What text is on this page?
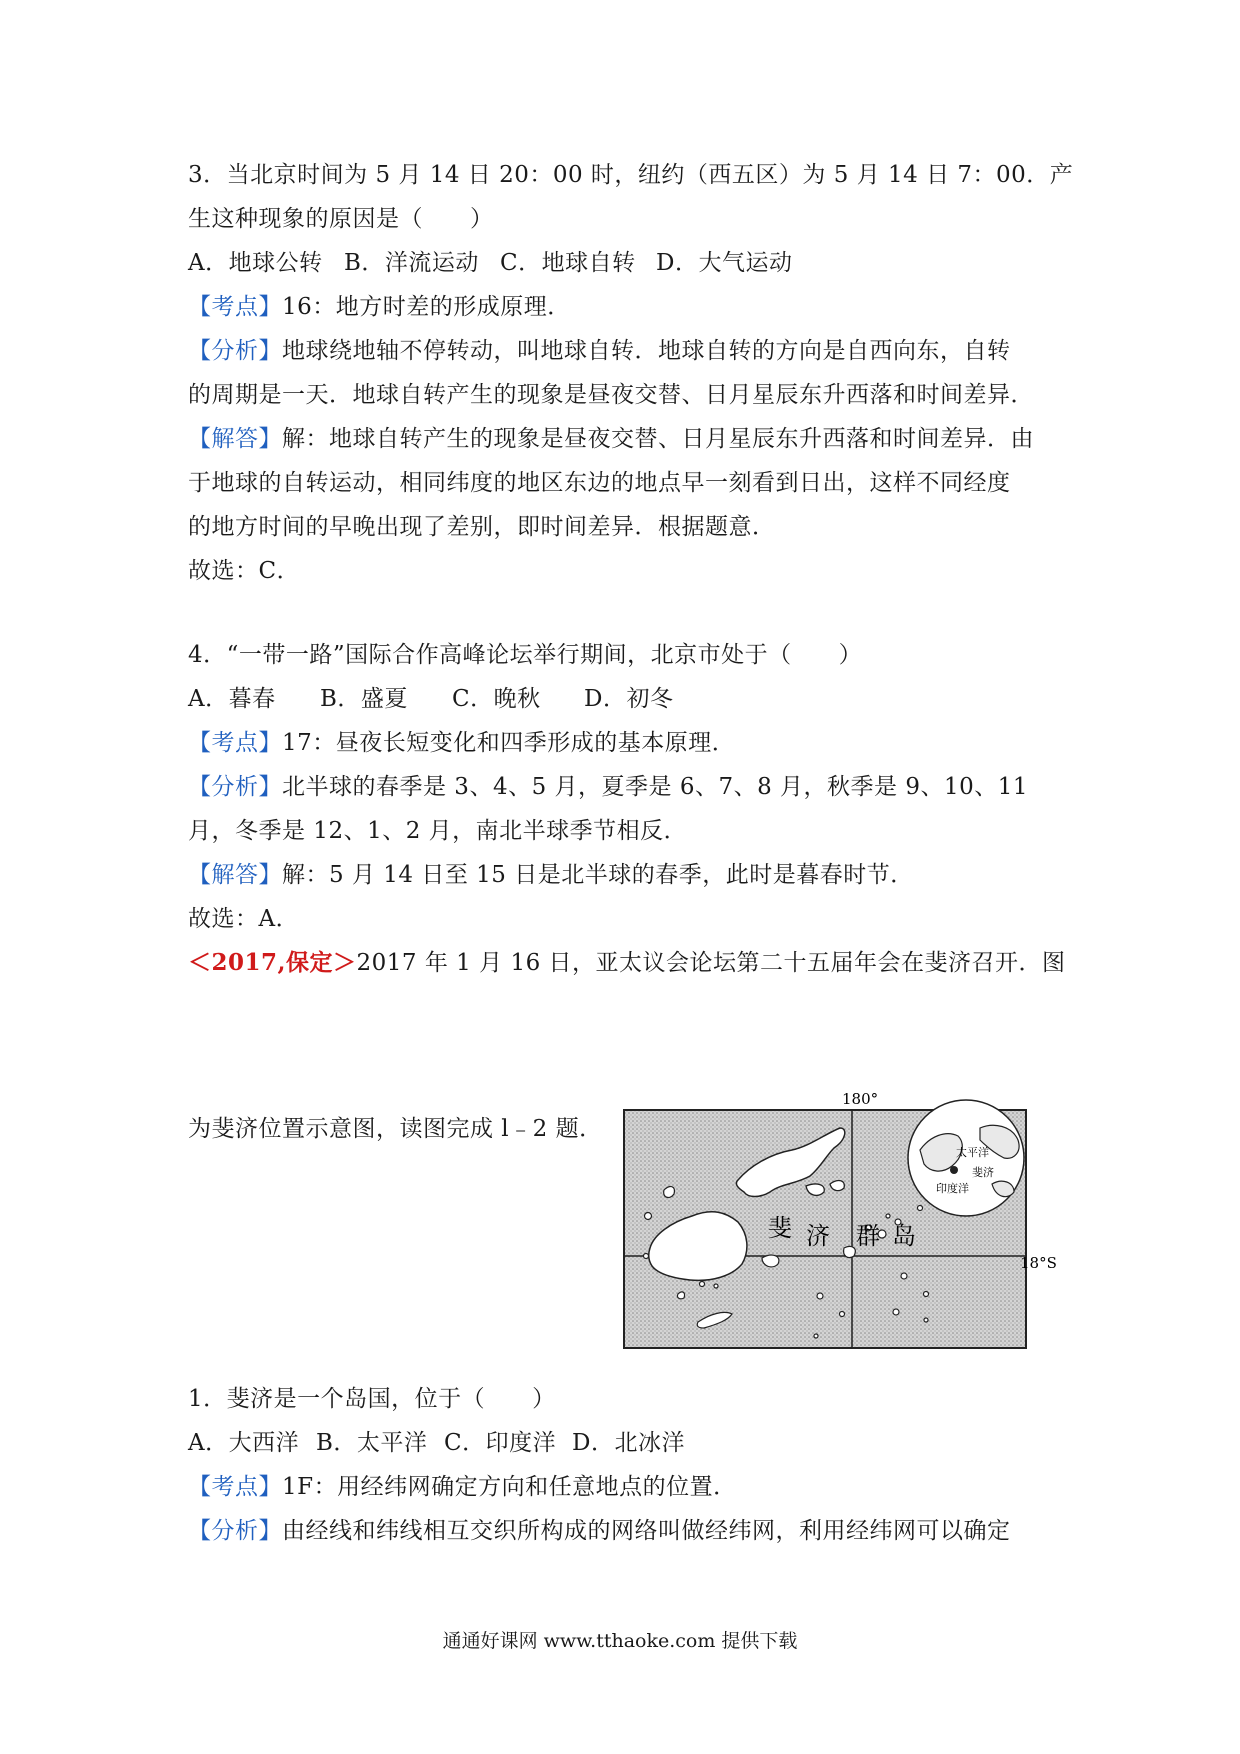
3．当北京时间为 5 月 14 日 20：00 时，纽约（西五区）为 5 月 14 日 7：00．产
生这种现象的原因是（　　）
A．地球公转 B．洋流运动 C．地球自转 D．大气运动
【考点】16：地方时差的形成原理．
【分析】地球绕地轴不停转动，叫地球自转．地球自转的方向是自西向东，自转
的周期是一天．地球自转产生的现象是昼夜交替、日月星辰东升西落和时间差异．
【解答】解：地球自转产生的现象是昼夜交替、日月星辰东升西落和时间差异．由
于地球的自转运动，相同纬度的地区东边的地点早一刻看到日出，这样不同经度
的地方时间的早晚出现了差别，即时间差异．根据题意．
故选：C．
4．“一带一路”国际合作高峰论坛举行期间，北京市处于（　　）
A．暮春 B．盛夏 C．晚秋 D．初冬
【考点】17：昼夜长短变化和四季形成的基本原理．
【分析】北半球的春季是 3、4、5 月，夏季是 6、7、8 月，秋季是 9、10、11
月，冬季是 12、1、2 月，南北半球季节相反．
【解答】解：5 月 14 日至 15 日是北半球的春季，此时是暮春时节．
故选：A．
＜2017,保定＞2017 年 1 月 16 日，亚太议会论坛第二十五届年会在斐济召开．图
为斐济位置示意图，读图完成 l﹣2 题．
180°
18°S
斐 济 群 岛
太平洋
斐济
印度洋
1．斐济是一个岛国，位于（　　）
A．大西洋 B．太平洋 C．印度洋 D．北冰洋
【考点】1F：用经纬网确定方向和任意地点的位置．
【分析】由经线和纬线相互交织所构成的网络叫做经纬网，利用经纬网可以确定
通通好课网 www.tthaoke.com 提供下载
